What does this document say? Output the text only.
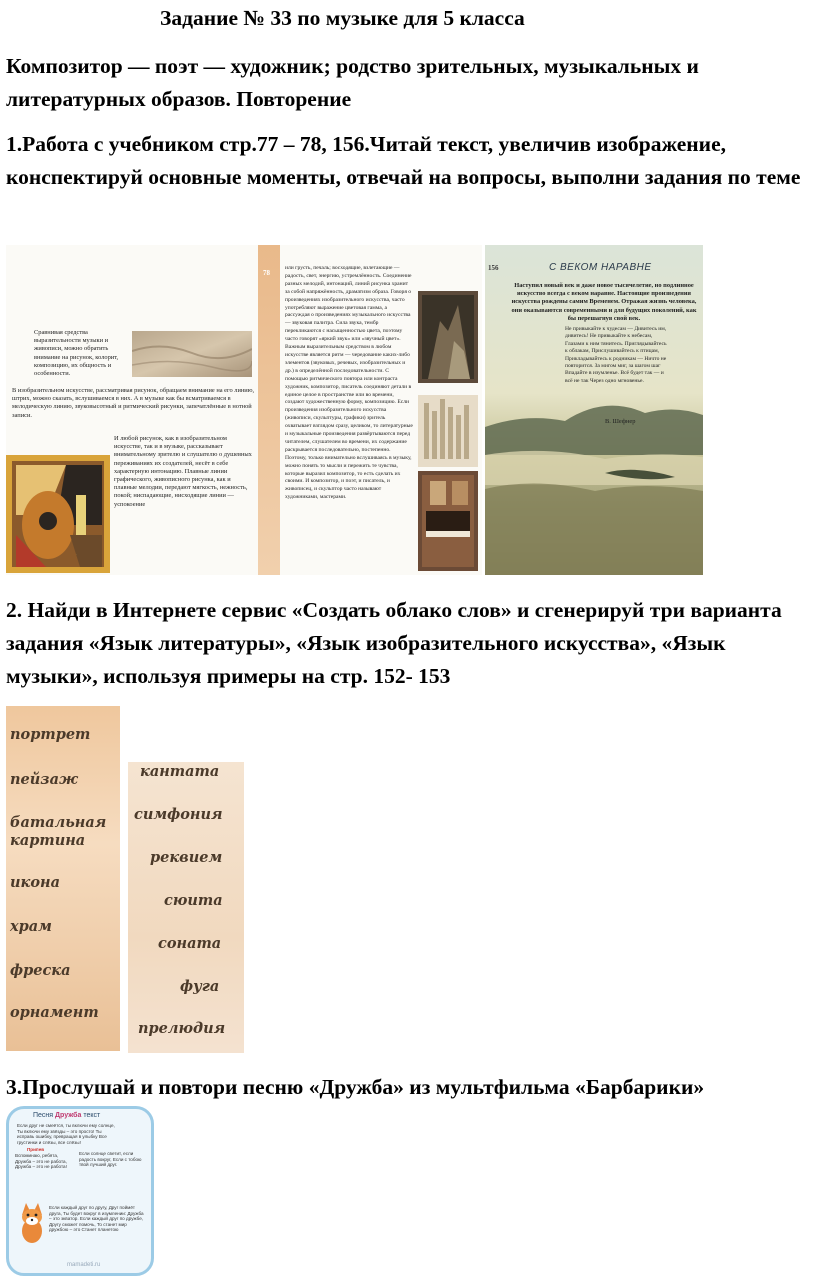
Задание № 33 по музыке для 5 класса
Композитор — поэт — художник; родство зрительных, музыкальных и литературных образов. Повторение
1.Работа с учебником стр.77 – 78, 156.Читай текст, увеличив изображение, конспектируй основные моменты, отвечай на вопросы, выполни задания по теме
Сравнивая средства выразительности музыки и живописи, можно обратить внимание на рисунок, колорит, композицию, их общность и особенности.
В изобразительном искусстве, рассматривая рисунок, обращаем внимание на его линию, штрих, можно сказать, вслушиваемся в них. А в музыке как бы всматриваемся в мелодическую линию, звуковысотный и ритмический рисунки, запечатлённые в нотной записи.
И любой рисунок, как в изобразительном искусстве, так и в музыке, рассказывает внимательному зрителю и слушателю о душевных переживаниях их создателей, несёт в себе характерную интонацию. Плавные линии графического, живописного рисунка, как и плавные мелодии, передают мягкость, нежность, покой; ниспадающие, нисходящие линии — успокоение
78
или грусть, печаль; восходящие, взлетающие — радость, свет, энергию, устремлённость. Соединение разных мелодий, интонаций, линий рисунка хранит за собой напряжённость, драматизм образа. Говоря о произведениях изобразительного искусства, часто употребляют выражение цветовая гамма, а рассуждая о произведениях музыкального искусства — звуковая палитра. Сила звука, тембр перекликаются с насыщенностью цвета, поэтому часто говорят «яркий звук» или «звучный цвет». Важным выразительным средством в любом искусстве является ритм — чередование каких-либо элементов (звуковых, речевых, изобразительных и др.) в определённой последовательности. С помощью ритмического повтора или контраста художник, композитор, писатель соединяют детали в единое целое в пространстве или во времени, создают художественную форму, композицию. Если произведения изобразительного искусства (живописи, скульптуры, графики) зритель охватывает взглядом сразу, целиком, то литературные и музыкальные произведения развёртываются перед читателем, слушателем во времени, их содержание раскрывается последовательно, постепенно. Поэтому, только внимательно вслушиваясь в музыку, можно понять то мысли и пережить те чувства, которые выразил композитор, то есть сделать их своими. И композитор, и поэт, и писатель, и живописец, и скульптор часто называют художниками, мастерами.
156	С ВЕКОМ НАРАВНЕ
Наступил новый век и даже новое тысячелетие, но подлинное искусство всегда с веком наравне. Настоящие произведения искусства рождены самим Временем. Отражая жизнь человека, они оказываются современными и для будущих поколений, как бы перешагнув свой век.
Не привыкайте к чудесам — Дивитесь им, дивитесь! Не привыкайте к небесам, Глазами к ним тянитесь. Приглядывайтесь к облакам, Прислушивайтесь к птицам, Прикладывайтесь к родникам — Ничто не повторится. За мигом миг, за шагом шаг Впадайте в изумленье. Всё будет так — и всё не так Через одно мгновенье.
В. Шефнер
2. Найди в Интернете сервис «Создать облако слов» и сгенерируй три варианта задания «Язык литературы», «Язык изобразительного искусства», «Язык музыки», используя примеры на стр. 152- 153
портрет
пейзаж
батальная
картина
икона
храм
фреска
орнамент
кантата
симфония
реквием
сюита
соната
фуга
прелюдия
3.Прослушай и повтори песню «Дружба» из мультфильма «Барбарики»
Песня Дружба текст
Если друг не смеётся, ты включи ему солнце, Ты включи ему звёзды – это просто! Ты исправь ошибку, превращая в улыбку Все грустинки и слёзы, все слёзы!
Припев
Вспоминаю, ребята, Дружба – это не работа, Дружба – это не работа!
Если солнце светит, если радость вокруг, Если с тобою твой лучший друг.
Если каждый друг по другу, Друг поймёт друга, Ты будет вокруг в изумлении: Дружба – это экватор. Если каждый друг по дружбе, Другу сможет помочь, То станет мир дружбою – это Станет планетою
mamadeti.ru
